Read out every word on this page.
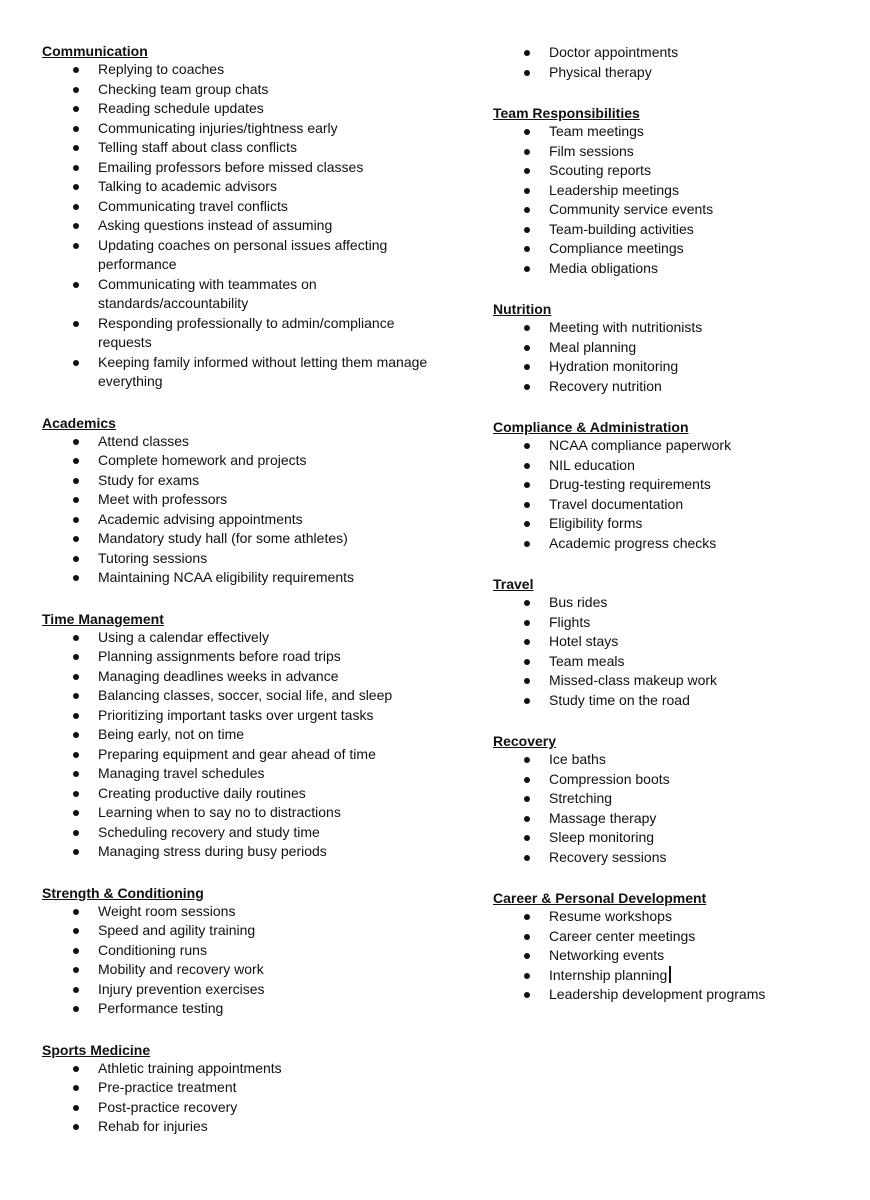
Communication
Replying to coaches
Checking team group chats
Reading schedule updates
Communicating injuries/tightness early
Telling staff about class conflicts
Emailing professors before missed classes
Talking to academic advisors
Communicating travel conflicts
Asking questions instead of assuming
Updating coaches on personal issues affecting performance
Communicating with teammates on standards/accountability
Responding professionally to admin/compliance requests
Keeping family informed without letting them manage everything
Academics
Attend classes
Complete homework and projects
Study for exams
Meet with professors
Academic advising appointments
Mandatory study hall (for some athletes)
Tutoring sessions
Maintaining NCAA eligibility requirements
Time Management
Using a calendar effectively
Planning assignments before road trips
Managing deadlines weeks in advance
Balancing classes, soccer, social life, and sleep
Prioritizing important tasks over urgent tasks
Being early, not on time
Preparing equipment and gear ahead of time
Managing travel schedules
Creating productive daily routines
Learning when to say no to distractions
Scheduling recovery and study time
Managing stress during busy periods
Strength & Conditioning
Weight room sessions
Speed and agility training
Conditioning runs
Mobility and recovery work
Injury prevention exercises
Performance testing
Sports Medicine
Athletic training appointments
Pre-practice treatment
Post-practice recovery
Rehab for injuries
Doctor appointments
Physical therapy
Team Responsibilities
Team meetings
Film sessions
Scouting reports
Leadership meetings
Community service events
Team-building activities
Compliance meetings
Media obligations
Nutrition
Meeting with nutritionists
Meal planning
Hydration monitoring
Recovery nutrition
Compliance & Administration
NCAA compliance paperwork
NIL education
Drug-testing requirements
Travel documentation
Eligibility forms
Academic progress checks
Travel
Bus rides
Flights
Hotel stays
Team meals
Missed-class makeup work
Study time on the road
Recovery
Ice baths
Compression boots
Stretching
Massage therapy
Sleep monitoring
Recovery sessions
Career & Personal Development
Resume workshops
Career center meetings
Networking events
Internship planning
Leadership development programs
